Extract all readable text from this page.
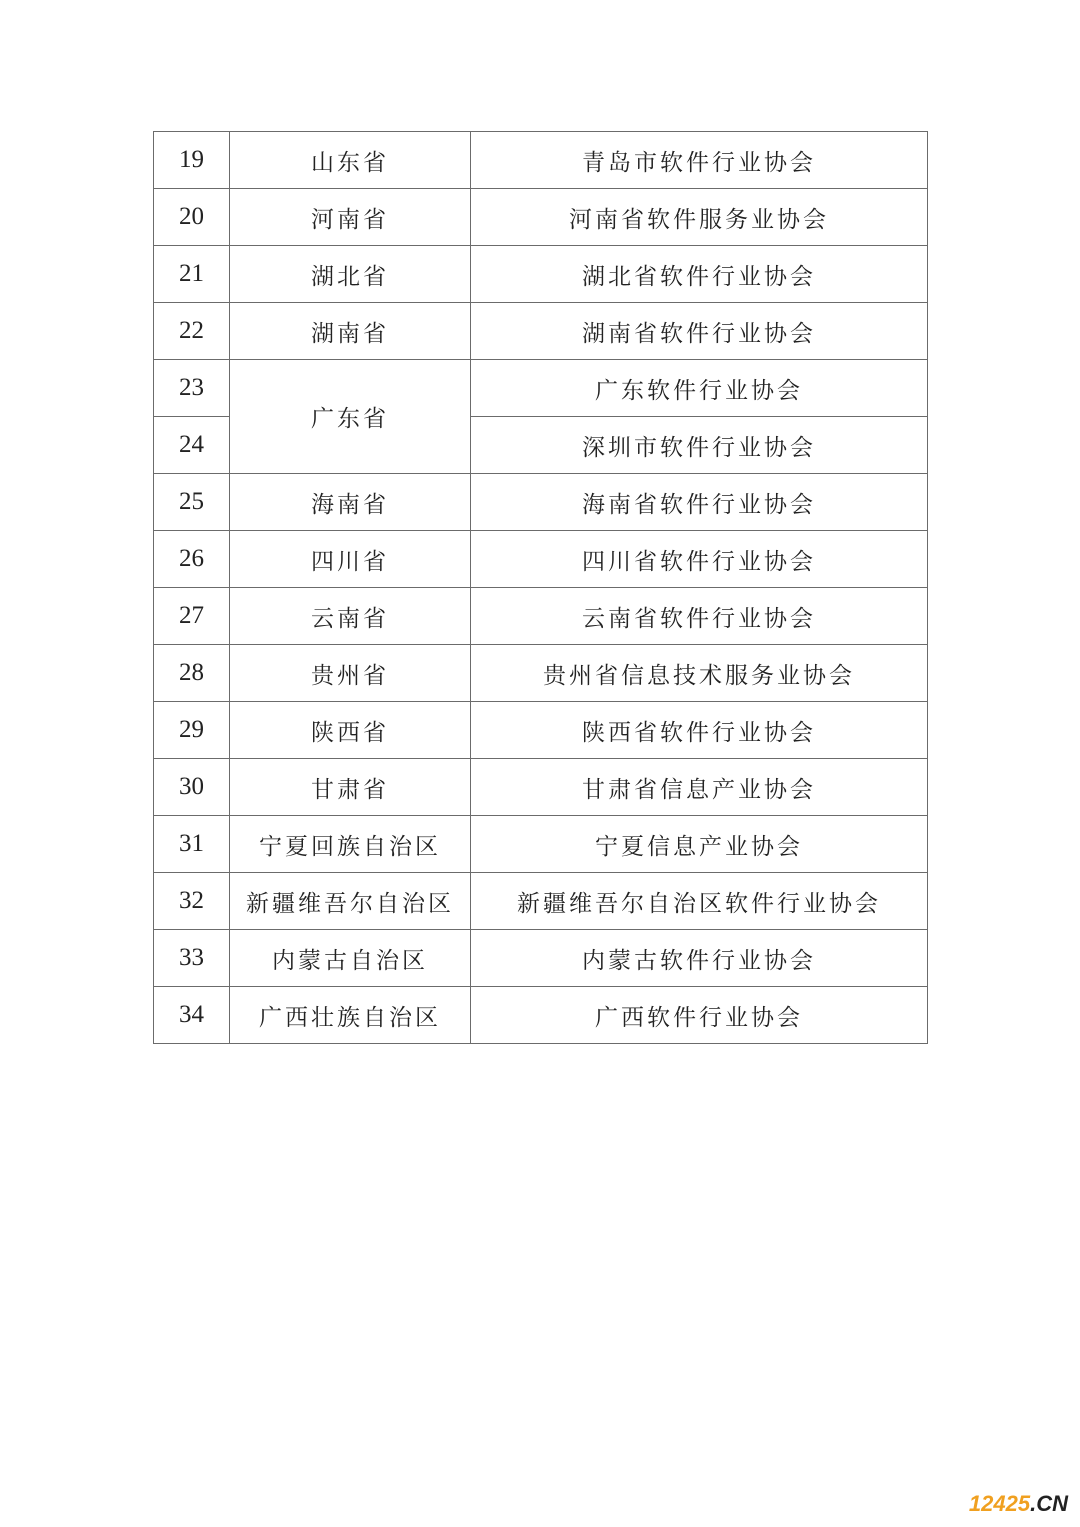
19	山东省	青岛市软件行业协会
20	河南省	河南省软件服务业协会
21	湖北省	湖北省软件行业协会
22	湖南省	湖南省软件行业协会
23	广东省	广东软件行业协会
24		深圳市软件行业协会
25	海南省	海南省软件行业协会
26	四川省	四川省软件行业协会
27	云南省	云南省软件行业协会
28	贵州省	贵州省信息技术服务业协会
29	陕西省	陕西省软件行业协会
30	甘肃省	甘肃省信息产业协会
31	宁夏回族自治区	宁夏信息产业协会
32	新疆维吾尔自治区	新疆维吾尔自治区软件行业协会
33	内蒙古自治区	内蒙古软件行业协会
34	广西壮族自治区	广西软件行业协会
12425.CN
